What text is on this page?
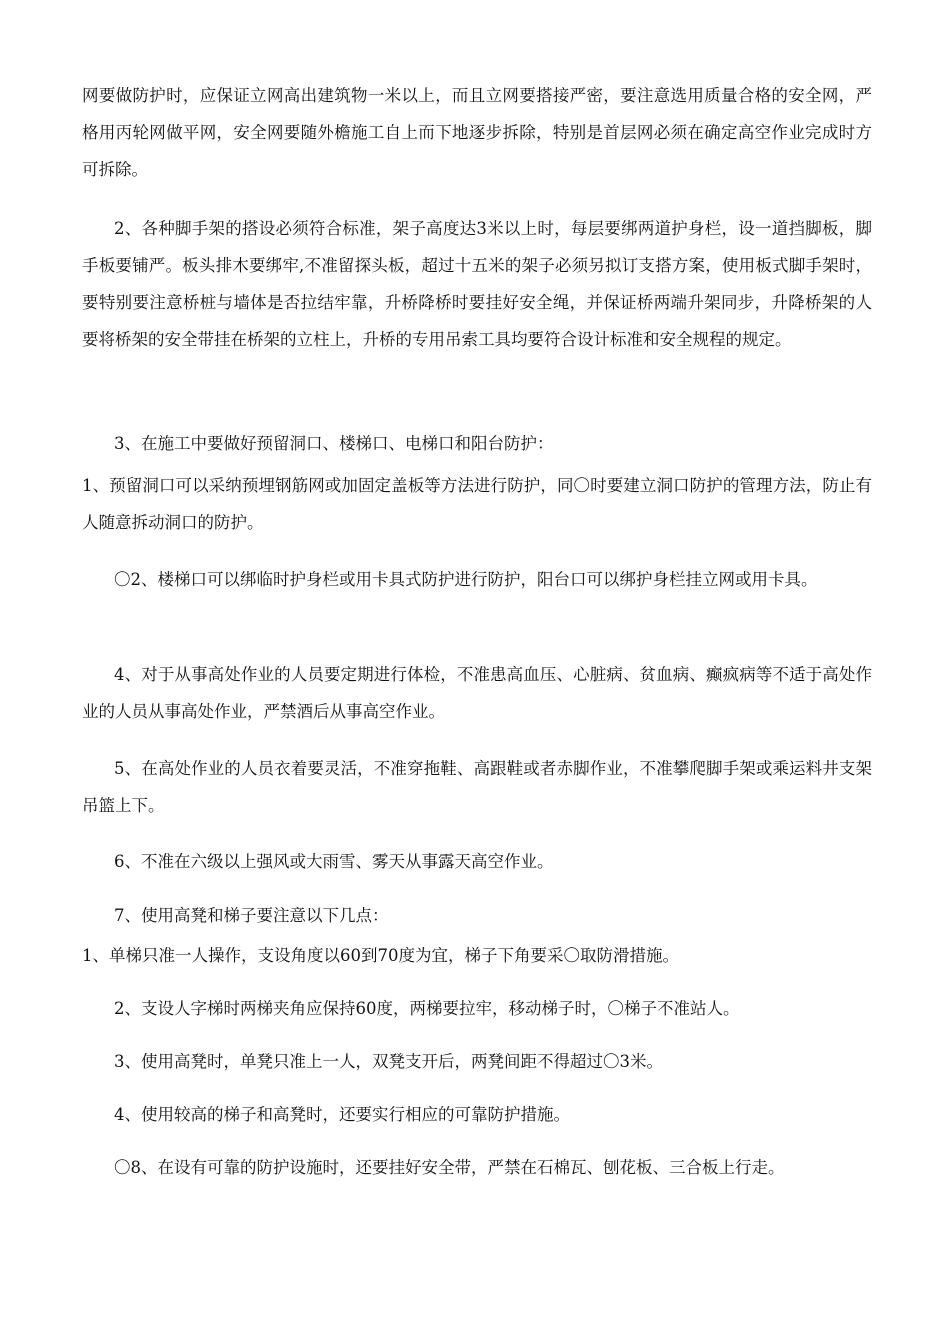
网要做防护时，应保证立网高出建筑物一米以上，而且立网要搭接严密，要注意选用质量合格的安全网，严格用丙轮网做平网，安全网要随外檐施工自上而下地逐步拆除，特别是首层网必须在确定高空作业完成时方可拆除。

2、各种脚手架的搭设必须符合标准，架子高度达3米以上时，每层要绑两道护身栏，设一道挡脚板，脚手板要铺严。板头排木要绑牢,不准留探头板，超过十五米的架子必须另拟订支搭方案，使用板式脚手架时，要特别要注意桥桩与墙体是否拉结牢靠，升桥降桥时要挂好安全绳，并保证桥两端升架同步，升降桥架的人要将桥架的安全带挂在桥架的立柱上，升桥的专用吊索工具均要符合设计标准和安全规程的规定。

3、在施工中要做好预留洞口、楼梯口、电梯口和阳台防护：

1、预留洞口可以采纳预埋钢筋网或加固定盖板等方法进行防护，同〇时要建立洞口防护的管理方法，防止有人随意拆动洞口的防护。

〇2、楼梯口可以绑临时护身栏或用卡具式防护进行防护，阳台口可以绑护身栏挂立网或用卡具。

4、对于从事高处作业的人员要定期进行体检，不准患高血压、心脏病、贫血病、癫疯病等不适于高处作业的人员从事高处作业，严禁酒后从事高空作业。

5、在高处作业的人员衣着要灵活，不准穿拖鞋、高跟鞋或者赤脚作业，不准攀爬脚手架或乘运料井支架吊篮上下。

6、不准在六级以上强风或大雨雪、雾天从事露天高空作业。

7、使用高凳和梯子要注意以下几点：

1、单梯只准一人操作，支设角度以60到70度为宜，梯子下角要采〇取防滑措施。

2、支设人字梯时两梯夹角应保持60度，两梯要拉牢，移动梯子时，〇梯子不准站人。

3、使用高凳时，单凳只准上一人，双凳支开后，两凳间距不得超过〇3米。

4、使用较高的梯子和高凳时，还要实行相应的可靠防护措施。

〇8、在设有可靠的防护设施时，还要挂好安全带，严禁在石棉瓦、刨花板、三合板上行走。
